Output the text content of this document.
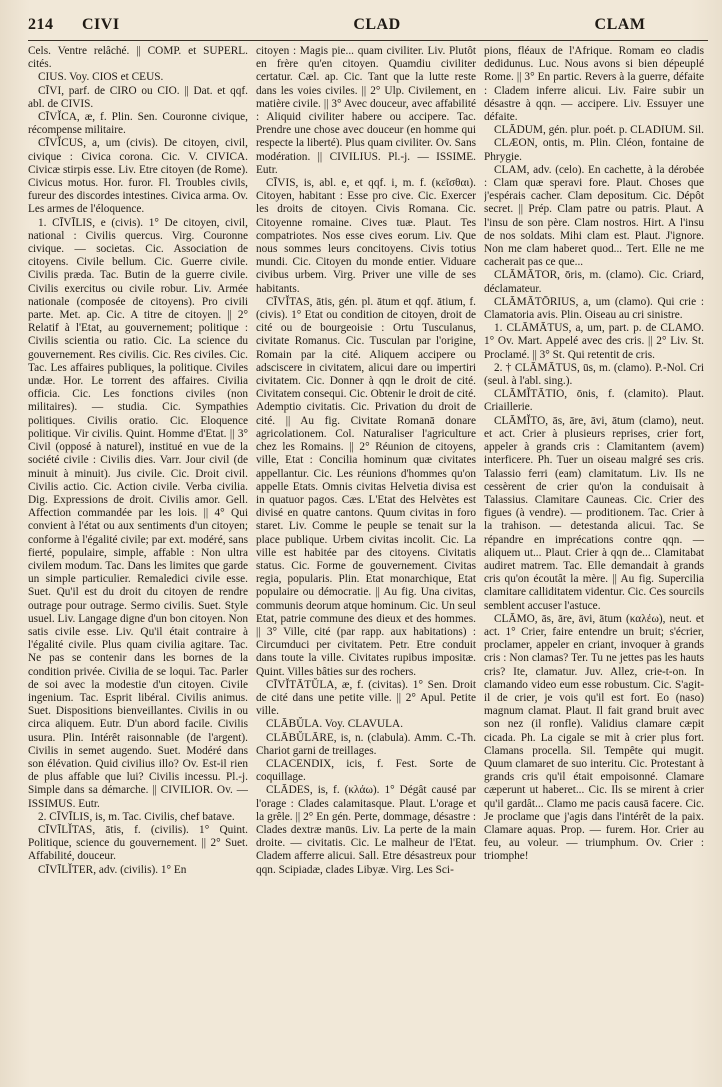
214	CIVI	CLAD	CLAM

Cels. Ventre relâché. || COMP. et SUPERL. cités.

CIUS. Voy. CIOS et CEUS.

CĪVI, parf. de CIRO ou CIO. || Dat. et qqf. abl. de CIVIS.

CĪVĬCA, æ, f. Plin. Sen. Couronne civique, récompense militaire.

CĪVĬCUS, a, um (civis). De citoyen, civil, civique : Civica corona. Cic. V. CIVICA. Civicæ stirpis esse. Liv. Etre citoyen (de Rome). Civicus motus. Hor. furor. Fl. Troubles civils, fureur des discordes intestines. Civica arma. Ov. Les armes de l'éloquence.

1. CĪVĪLIS, e (civis). 1° De citoyen, civil, national : Civilis quercus. Virg. Couronne civique. — societas. Cic. Association de citoyens. Civile bellum. Cic. Guerre civile. Civilis præda. Tac. Butin de la guerre civile. Civilis exercitus ou civile robur. Liv. Armée nationale (composée de citoyens). Pro civili parte. Met. ap. Cic. A titre de citoyen. || 2° Relatif à l'Etat, au gouvernement; politique : Civilis scientia ou ratio. Cic. La science du gouvernement. Res civilis. Cic. Res civiles. Cic. Tac. Les affaires publiques, la politique. Civiles undæ. Hor. Le torrent des affaires. Civilia officia. Cic. Les fonctions civiles (non militaires). — studia. Cic. Sympathies politiques. Civilis oratio. Cic. Eloquence politique. Vir civilis. Quint. Homme d'Etat. || 3° Civil (opposé à naturel), institué en vue de la société civile : Civilis dies. Varr. Jour civil (de minuit à minuit). Jus civile. Cic. Droit civil. Civilis actio. Cic. Action civile. Verba civilia. Dig. Expressions de droit. Civilis amor. Gell. Affection commandée par les lois. || 4° Qui convient à l'état ou aux sentiments d'un citoyen; conforme à l'égalité civile; par ext. modéré, sans fierté, populaire, simple, affable : Non ultra civilem modum. Tac. Dans les limites que garde un simple particulier. Remaledici civile esse. Suet. Qu'il est du droit du citoyen de rendre outrage pour outrage. Sermo civilis. Suet. Style usuel. Liv. Langage digne d'un bon citoyen. Non satis civile esse. Liv. Qu'il était contraire à l'égalité civile. Plus quam civilia agitare. Tac. Ne pas se contenir dans les bornes de la condition privée. Civilia de se loqui. Tac. Parler de soi avec la modestie d'un citoyen. Civile ingenium. Tac. Esprit libéral. Civilis animus. Suet. Dispositions bienveillantes. Civilis in ou circa aliquem. Eutr. D'un abord facile. Civilis usura. Plin. Intérêt raisonnable (de l'argent). Civilis in semet augendo. Suet. Modéré dans son élévation. Quid civilius illo? Ov. Est-il rien de plus affable que lui? Civilis incessu. Pl.-j. Simple dans sa démarche. || CIVILIOR. Ov. — ISSIMUS. Eutr.

2. CĪVĪLIS, is, m. Tac. Civilis, chef batave.

CĪVĪLĬTAS, ātis, f. (civilis). 1° Quint. Politique, science du gouvernement. || 2° Suet. Affabilité, douceur.

CĪVĪLĬTER, adv. (civilis). 1° En

citoyen : Magis pie... quam civiliter. Liv. Plutôt en frère qu'en citoyen. Quamdiu civiliter certatur. Cæl. ap. Cic. Tant que la lutte reste dans les voies civiles. || 2° Ulp. Civilement, en matière civile. || 3° Avec douceur, avec affabilité : Aliquid civiliter habere ou accipere. Tac. Prendre une chose avec douceur (en homme qui respecte la liberté). Plus quam civiliter. Ov. Sans modération. || CIVILIUS. Pl.-j. — ISSIME. Eutr.

CĪVIS, is, abl. e, et qqf. i, m. f. (κεῖσθαι). Citoyen, habitant : Esse pro cive. Cic. Exercer les droits de citoyen. Civis Romana. Cic. Citoyenne romaine. Cives tuæ. Plaut. Tes compatriotes. Nos esse cives eorum. Liv. Que nous sommes leurs concitoyens. Civis totius mundi. Cic. Citoyen du monde entier. Viduare civibus urbem. Virg. Priver une ville de ses habitants.

CĪVĬTAS, ātis, gén. pl. ātum et qqf. ātium, f. (civis). 1° Etat ou condition de citoyen, droit de cité ou de bourgeoisie : Ortu Tusculanus, civitate Romanus. Cic. Tusculan par l'origine, Romain par la cité. Aliquem accipere ou adsciscere in civitatem, alicui dare ou impertiri civitatem. Cic. Donner à qqn le droit de cité. Civitatem consequi. Cic. Obtenir le droit de cité. Ademptio civitatis. Cic. Privation du droit de cité. || Au fig. Civitate Romanā donare agricolationem. Col. Naturaliser l'agriculture chez les Romains. || 2° Réunion de citoyens, ville, Etat : Concilia hominum quæ civitates appellantur. Cic. Les réunions d'hommes qu'on appelle Etats. Omnis civitas Helvetia divisa est in quatuor pagos. Cæs. L'Etat des Helvètes est divisé en quatre cantons. Quum civitas in foro staret. Liv. Comme le peuple se tenait sur la place publique. Urbem civitas incolit. Cic. La ville est habitée par des citoyens. Civitatis status. Cic. Forme de gouvernement. Civitas regia, popularis. Plin. Etat monarchique, Etat populaire ou démocratie. || Au fig. Una civitas, communis deorum atque hominum. Cic. Un seul Etat, patrie commune des dieux et des hommes. || 3° Ville, cité (par rapp. aux habitations) : Circumduci per civitatem. Petr. Etre conduit dans toute la ville. Civitates rupibus impositæ. Quint. Villes bâties sur des rochers.

CĪVĬTĀTŬLA, æ, f. (civitas). 1° Sen. Droit de cité dans une petite ville. || 2° Apul. Petite ville.

CLĀBŬLA. Voy. CLAVULA.

CLĀBŬLĀRE, is, n. (clabula). Amm. C.-Th. Chariot garni de treillages.

CLACENDIX, icis, f. Fest. Sorte de coquillage.

CLĀDES, is, f. (κλάω). 1° Dégât causé par l'orage : Clades calamitasque. Plaut. L'orage et la grêle. || 2° En gén. Perte, dommage, désastre : Clades dextræ manūs. Liv. La perte de la main droite. — civitatis. Cic. Le malheur de l'Etat. Cladem afferre alicui. Sall. Etre désastreux pour qqn. Scipiadæ, clades Libyæ. Virg. Les Sci-

pions, fléaux de l'Afrique. Romam eo cladis dedidunus. Luc. Nous avons si bien dépeuplé Rome. || 3° En partic. Revers à la guerre, défaite : Cladem inferre alicui. Liv. Faire subir un désastre à qqn. — accipere. Liv. Essuyer une défaite.

CLĀDUM, gén. plur. poét. p. CLADIUM. Sil.

CLÆON, ontis, m. Plin. Cléon, fontaine de Phrygie.

CLAM, adv. (celo). En cachette, à la dérobée : Clam quæ speravi fore. Plaut. Choses que j'espérais cacher. Clam depositum. Cic. Dépôt secret. || Prép. Clam patre ou patris. Plaut. A l'insu de son père. Clam nostros. Hirt. A l'insu de nos soldats. Mihi clam est. Plaut. J'ignore. Non me clam haberet quod... Tert. Elle ne me cacherait pas ce que...

CLĀMĀTOR, ōris, m. (clamo). Cic. Criard, déclamateur.

CLĀMĀTŌRIUS, a, um (clamo). Qui crie : Clamatoria avis. Plin. Oiseau au cri sinistre.

1. CLĀMĀTUS, a, um, part. p. de CLAMO. 1° Ov. Mart. Appelé avec des cris. || 2° Liv. St. Proclamé. || 3° St. Qui retentit de cris.

2. † CLĀMĀTUS, ūs, m. (clamo). P.-Nol. Cri (seul. à l'abl. sing.).

CLĀMĬTĀTIO, ōnis, f. (clamito). Plaut. Criaillerie.

CLĀMĬTO, ās, āre, āvi, ātum (clamo), neut. et act. Crier à plusieurs reprises, crier fort, appeler à grands cris : Clamitantem (avem) interficere. Ph. Tuer un oiseau malgré ses cris. Talassio ferri (eam) clamitatum. Liv. Ils ne cessèrent de crier qu'on la conduisait à Talassius. Clamitare Cauneas. Cic. Crier des figues (à vendre). — proditionem. Tac. Crier à la trahison. — detestanda alicui. Tac. Se répandre en imprécations contre qqn. — aliquem ut... Plaut. Crier à qqn de... Clamitabat audiret matrem. Tac. Elle demandait à grands cris qu'on écoutât la mère. || Au fig. Supercilia clamitare calliditatem videntur. Cic. Ces sourcils semblent accuser l'astuce.

CLĀMO, ās, āre, āvi, ātum (καλέω), neut. et act. 1° Crier, faire entendre un bruit; s'écrier, proclamer, appeler en criant, invoquer à grands cris : Non clamas? Ter. Tu ne jettes pas les hauts cris? Ite, clamatur. Juv. Allez, crie-t-on. In clamando video eum esse robustum. Cic. S'agit-il de crier, je vois qu'il est fort. Eo (naso) magnum clamat. Plaut. Il fait grand bruit avec son nez (il ronfle). Validius clamare cæpit cicada. Ph. La cigale se mit à crier plus fort. Clamans procella. Sil. Tempête qui mugit. Quum clamaret de suo interitu. Cic. Protestant à grands cris qu'il était empoisonné. Clamare cæperunt ut haberet... Cic. Ils se mirent à crier qu'il gardât... Clamo me pacis causā facere. Cic. Je proclame que j'agis dans l'intérêt de la paix. Clamare aquas. Prop. — furem. Hor. Crier au feu, au voleur. — triumphum. Ov. Crier : triomphe!
